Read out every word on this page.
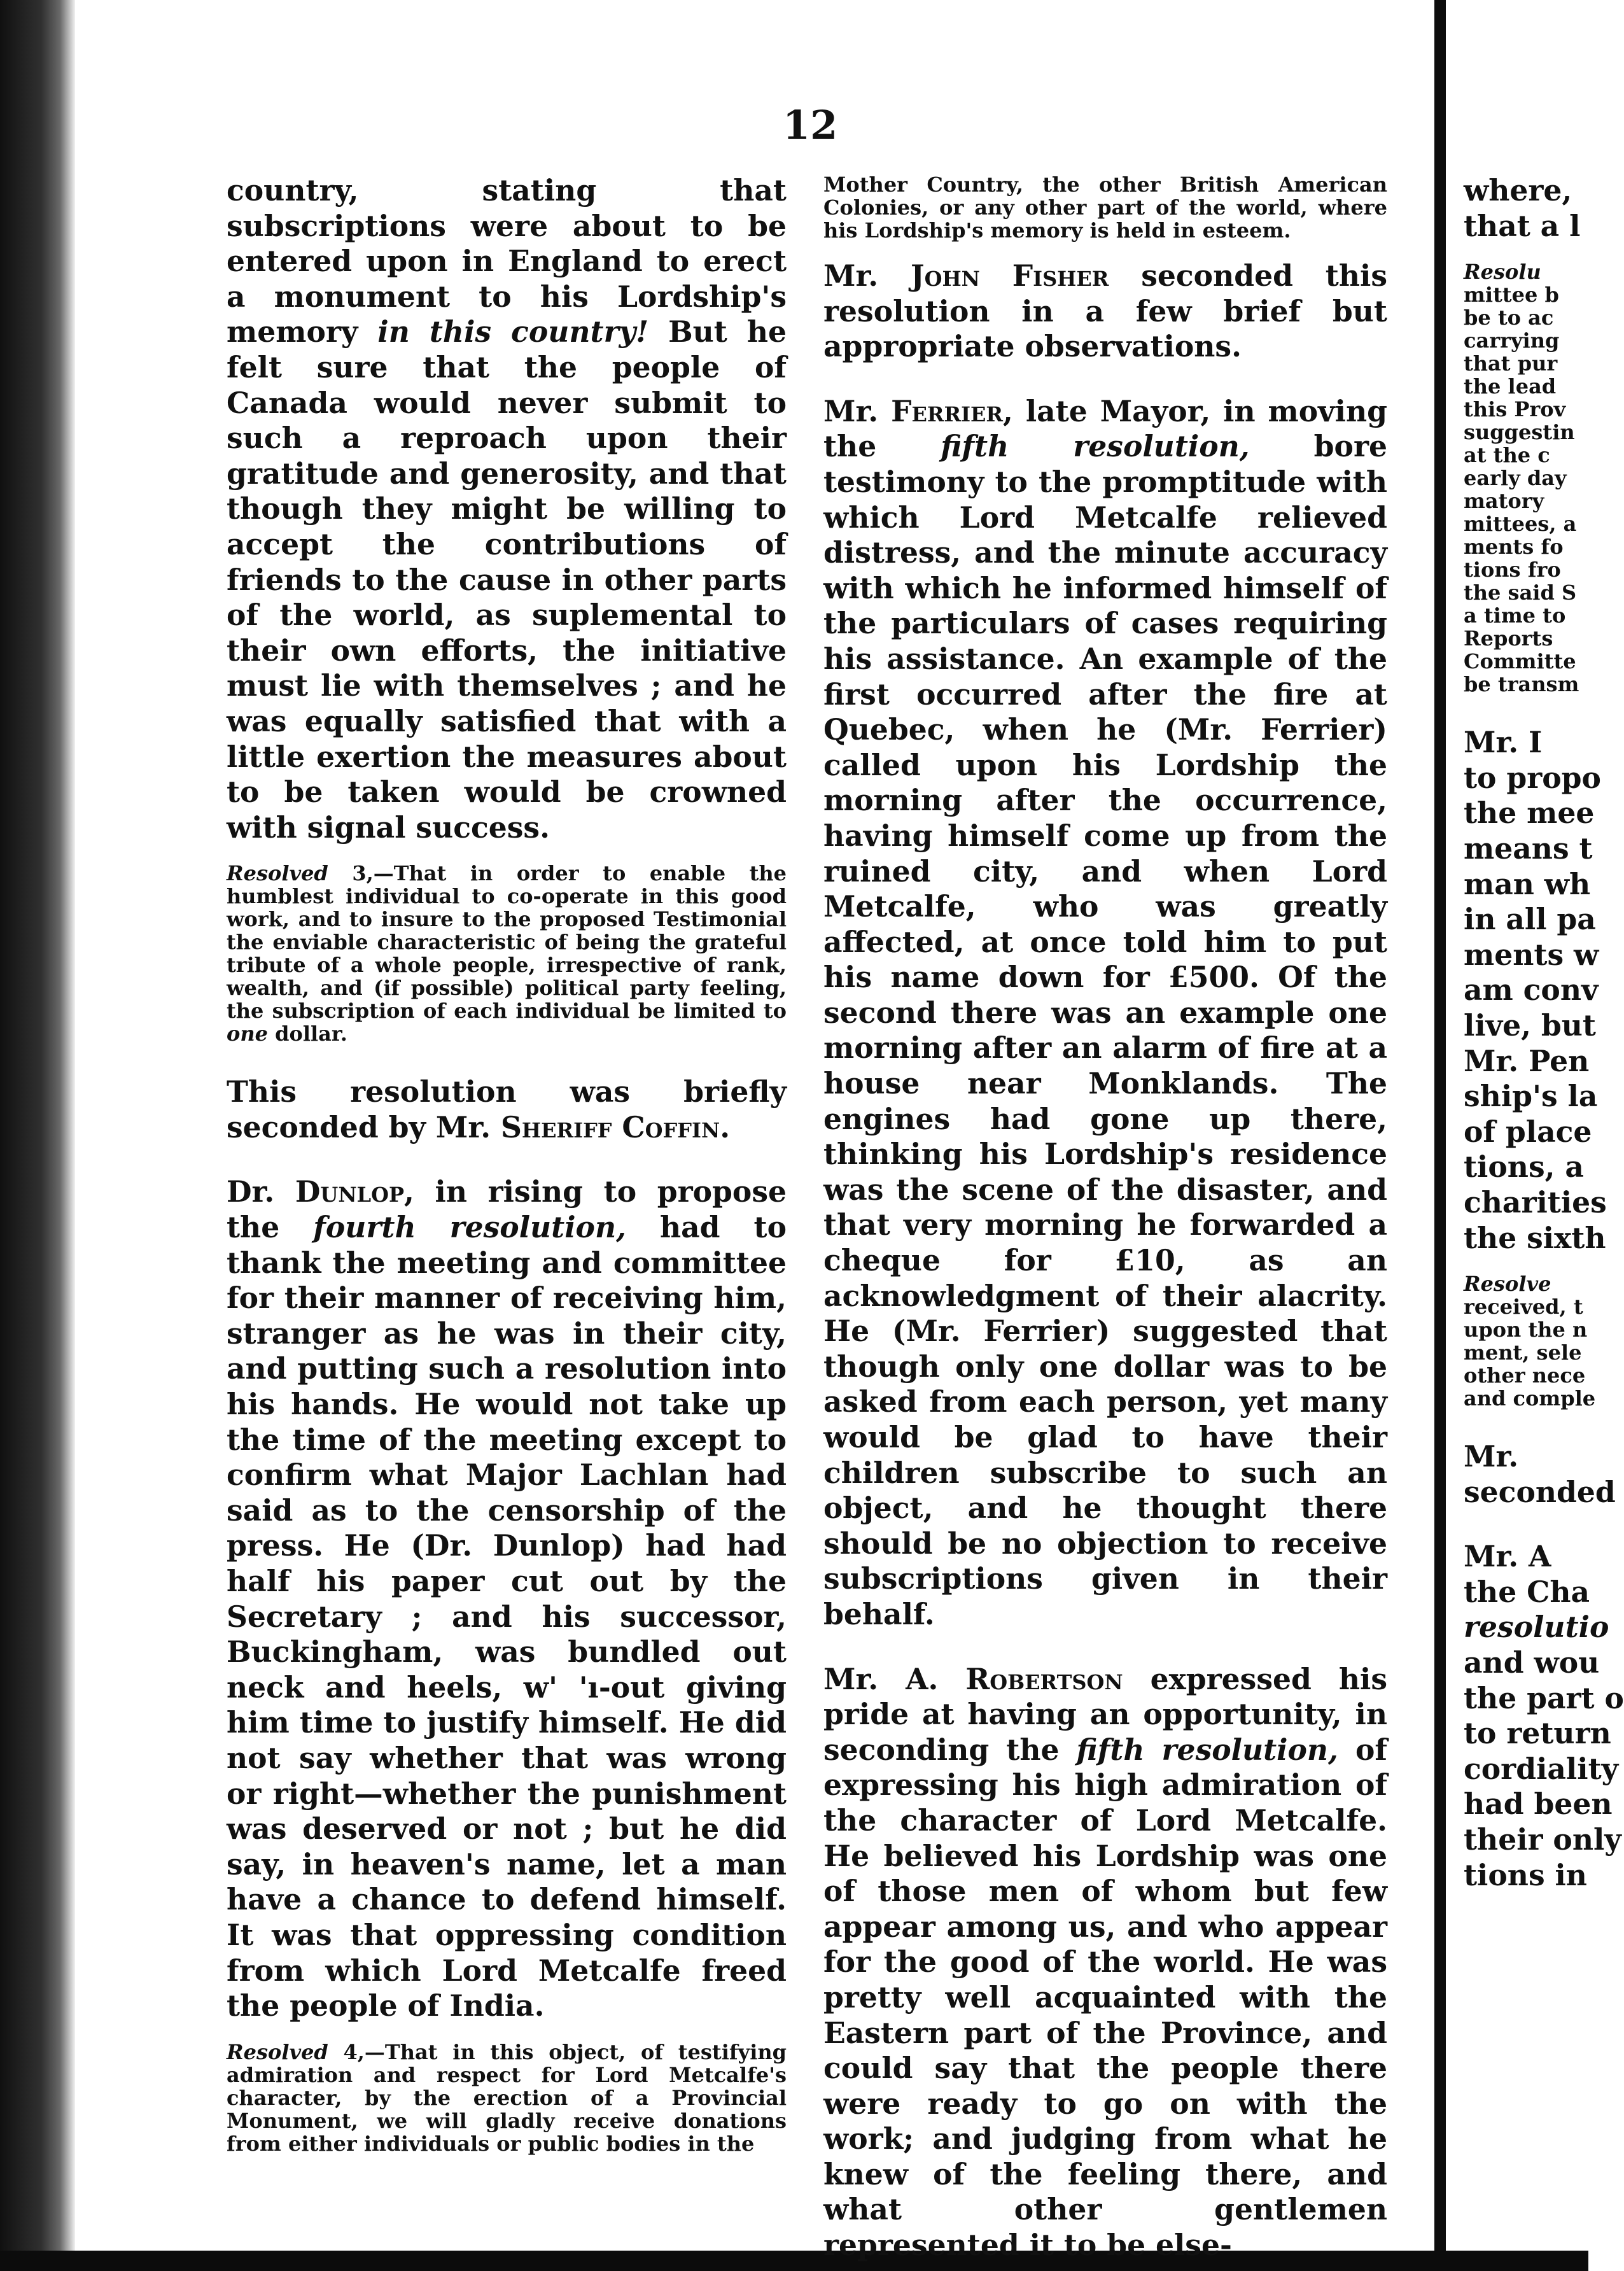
12

country, stating that subscriptions were about to be entered upon in England to erect a monument to his Lordship's memory in this country! But he felt sure that the people of Canada would never submit to such a reproach upon their gratitude and generosity, and that though they might be willing to accept the contributions of friends to the cause in other parts of the world, as suplemental to their own efforts, the initiative must lie with themselves ; and he was equally satisfied that with a little exertion the measures about to be taken would be crowned with signal success.

Resolved 3,—That in order to enable the humblest individual to co-operate in this good work, and to insure to the proposed Testimonial the enviable characteristic of being the grateful tribute of a whole people, irrespective of rank, wealth, and (if possible) political party feeling, the subscription of each individual be limited to one dollar.

This resolution was briefly seconded by Mr. Sheriff Coffin.

Dr. Dunlop, in rising to propose the fourth resolution, had to thank the meeting and committee for their manner of receiving him, stranger as he was in their city, and putting such a resolution into his hands. He would not take up the time of the meeting except to confirm what Major Lachlan had said as to the censorship of the press. He (Dr. Dunlop) had had half his paper cut out by the Secretary ; and his successor, Buckingham, was bundled out neck and heels, w' 'ı-out giving him time to justify himself. He did not say whether that was wrong or right—whether the punishment was deserved or not ; but he did say, in heaven's name, let a man have a chance to defend himself. It was that oppressing condition from which Lord Metcalfe freed the people of India.

Resolved 4,—That in this object, of testifying admiration and respect for Lord Metcalfe's character, by the erection of a Provincial Monument, we will gladly receive donations from either individuals or public bodies in the

Mother Country, the other British American Colonies, or any other part of the world, where his Lordship's memory is held in esteem.

Mr. John Fisher seconded this resolution in a few brief but appropriate observations.

Mr. Ferrier, late Mayor, in moving the fifth resolution, bore testimony to the promptitude with which Lord Metcalfe relieved distress, and the minute accuracy with which he informed himself of the particulars of cases requiring his assistance. An example of the first occurred after the fire at Quebec, when he (Mr. Ferrier) called upon his Lordship the morning after the occurrence, having himself come up from the ruined city, and when Lord Metcalfe, who was greatly affected, at once told him to put his name down for £500. Of the second there was an example one morning after an alarm of fire at a house near Monklands. The engines had gone up there, thinking his Lordship's residence was the scene of the disaster, and that very morning he forwarded a cheque for £10, as an acknowledgment of their alacrity. He (Mr. Ferrier) suggested that though only one dollar was to be asked from each person, yet many would be glad to have their children subscribe to such an object, and he thought there should be no objection to receive subscriptions given in their behalf.

Mr. A. Robertson expressed his pride at having an opportunity, in seconding the fifth resolution, of expressing his high admiration of the character of Lord Metcalfe. He believed his Lordship was one of those men of whom but few appear among us, and who appear for the good of the world. He was pretty well acquainted with the Eastern part of the Province, and could say that the people there were ready to go on with the work; and judging from what he knew of the feeling there, and what other gentlemen represented it to be else-

where,
that a l
Resolu
mittee b
be to ac
carrying
that pur
the lead
this Prov
suggestin
at the c
early day
matory
mittees, a
ments fo
tions fro
the said S
a time to
Reports
Committe
be transm
Mr. I
to propo
the mee
means t
man wh
in all pa
ments w
am conv
live, but
Mr. Pen
ship's la
of place
tions, a
charities
the sixth
Resolve
received, t
upon the n
ment, sele
other nece
and comple
Mr.
seconded
Mr. A
the Cha
resolutio
and wou
the part o
to return
cordiality
had been
their only
tions in
